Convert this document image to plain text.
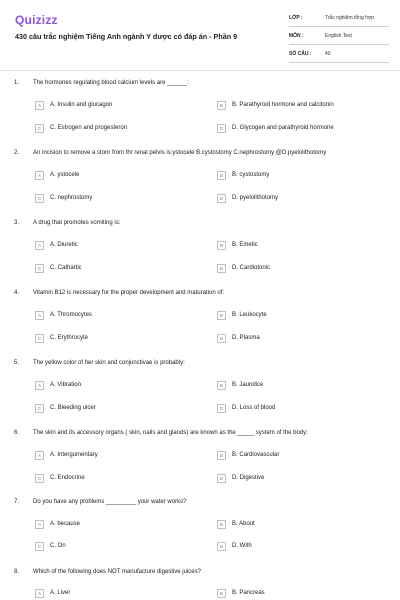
Quizizz
430 câu trắc nghiệm Tiếng Anh ngành Y dược có đáp án - Phần 9
LỚP :	Trắc nghiệm tổng hợp
MÔN :	English Test
SỐ CÂU :	40
1. The hormones regulating blood calcium levels are ______:
A	A. Insulin and glucagon	B	B. Parathyroid hormone and calcitonin
C	C. Estrogen and progesteron	D	D. Glycogen and parathyroid hormone
2. An incision to remove a stonr from thr renal pelvis is:ystocele B.cystostomy C.nephrostomy @D.pyelolithotomy
A	A. ystocele	B	B. cystostomy
C	C. nephrostomy	D	D. pyelolithotomy
3. A drug that promotes vomiting is:
A	A. Diuretic	B	B. Emetic
C	C. Cathartic	D	D. Cardiotonic
4. Vitamin B12 is necessary for the proper development and maturation of:
A	A. Thromocytes	B	B. Leukocyte
C	C. Erythrocyte	D	D. Plasma
5. The yellow color of her skin and conjunctivae is probably:
A	A. Vibration	B	B. Jaundice
C	C. Bleeding ulcer	D	D. Loss of blood
6. The skin and its accessory organs ( skin, nails and glands) are known as the _____ system of the body:
A	A. Intergumentary	B	B. Cardiovascular
C	C. Endocrine	D	D. Digestive
7. Do you have any problems _________ your water works?
A	A. because	B	B. About
C	C. On	D	D. With
8. Which of the following does NOT manufacture digestive juices?
A	A. Liver	B	B. Pancreas
